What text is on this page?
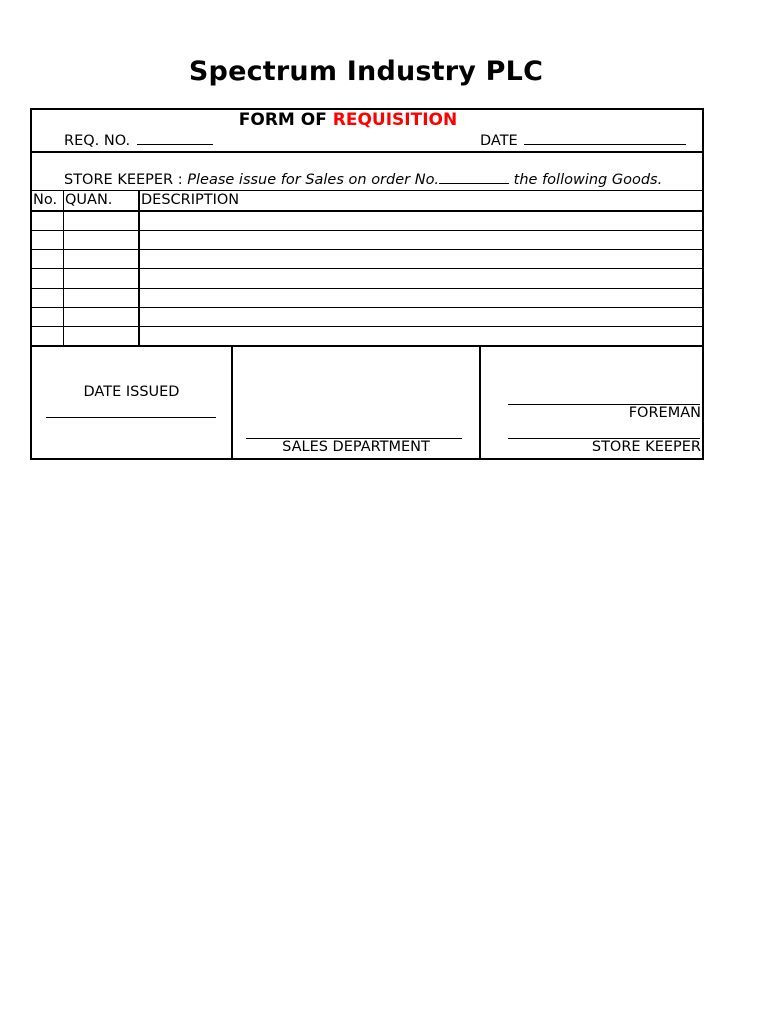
Spectrum Industry PLC
FORM OF REQUISITION
REQ. NO.	DATE
STORE KEEPER : Please issue for Sales on order No.	the following Goods.
No. QUAN. DESCRIPTION
DATE ISSUED
SALES DEPARTMENT
FOREMAN
STORE KEEPER
